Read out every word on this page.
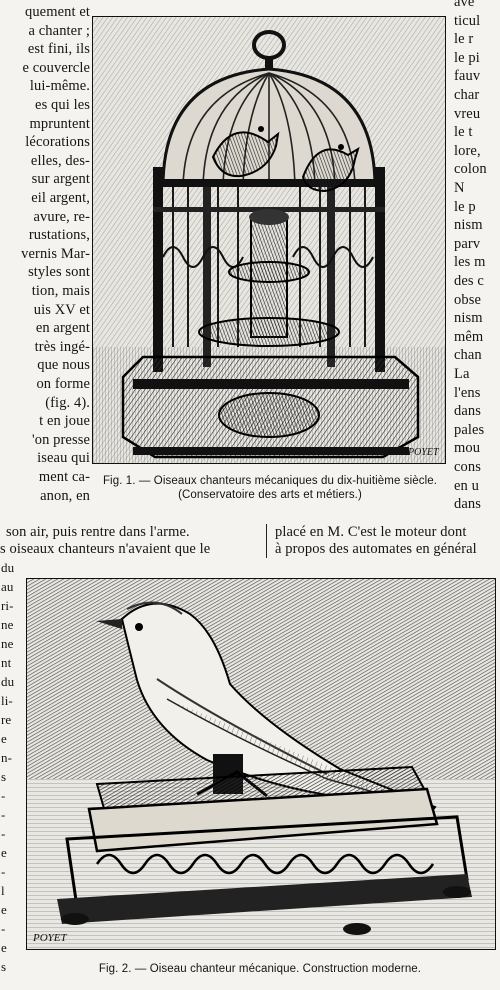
quement et
a chanter ;
est fini, ils
e couvercle
lui-même.
es qui les
mpruntent
lécorations
elles, des-
sur argent
eil argent,
avure, re-
rustations,
vernis Mar-
styles sont
tion, mais
uis XV et
en argent
très ingé-
que nous
on forme
(fig. 4).
t en joue
'on presse
iseau qui
ment ca-
anon, en
ave
ticul
le r
le pi
fauv
char
vreu
le t
lore,
colon
N
le p
nism
parv
les m
des c
obse
nism
mêm
chan
La
l'ens
dans
pales
mou
cons
en u
dans
POYET
Fig. 1. — Oiseaux chanteurs mécaniques du dix-huitième siècle.
(Conservatoire des arts et métiers.)
son air, puis rentre dans l'arme.
s oiseaux chanteurs n'avaient que le
placé en M. C'est le moteur dont
à propos des automates en général
du
au
ri-
ne
ne
nt
du
li-
re
e
n-
s
-
-
-
e
-
l
e
-
e
s
POYET
Fig. 2. — Oiseau chanteur mécanique. Construction moderne.
